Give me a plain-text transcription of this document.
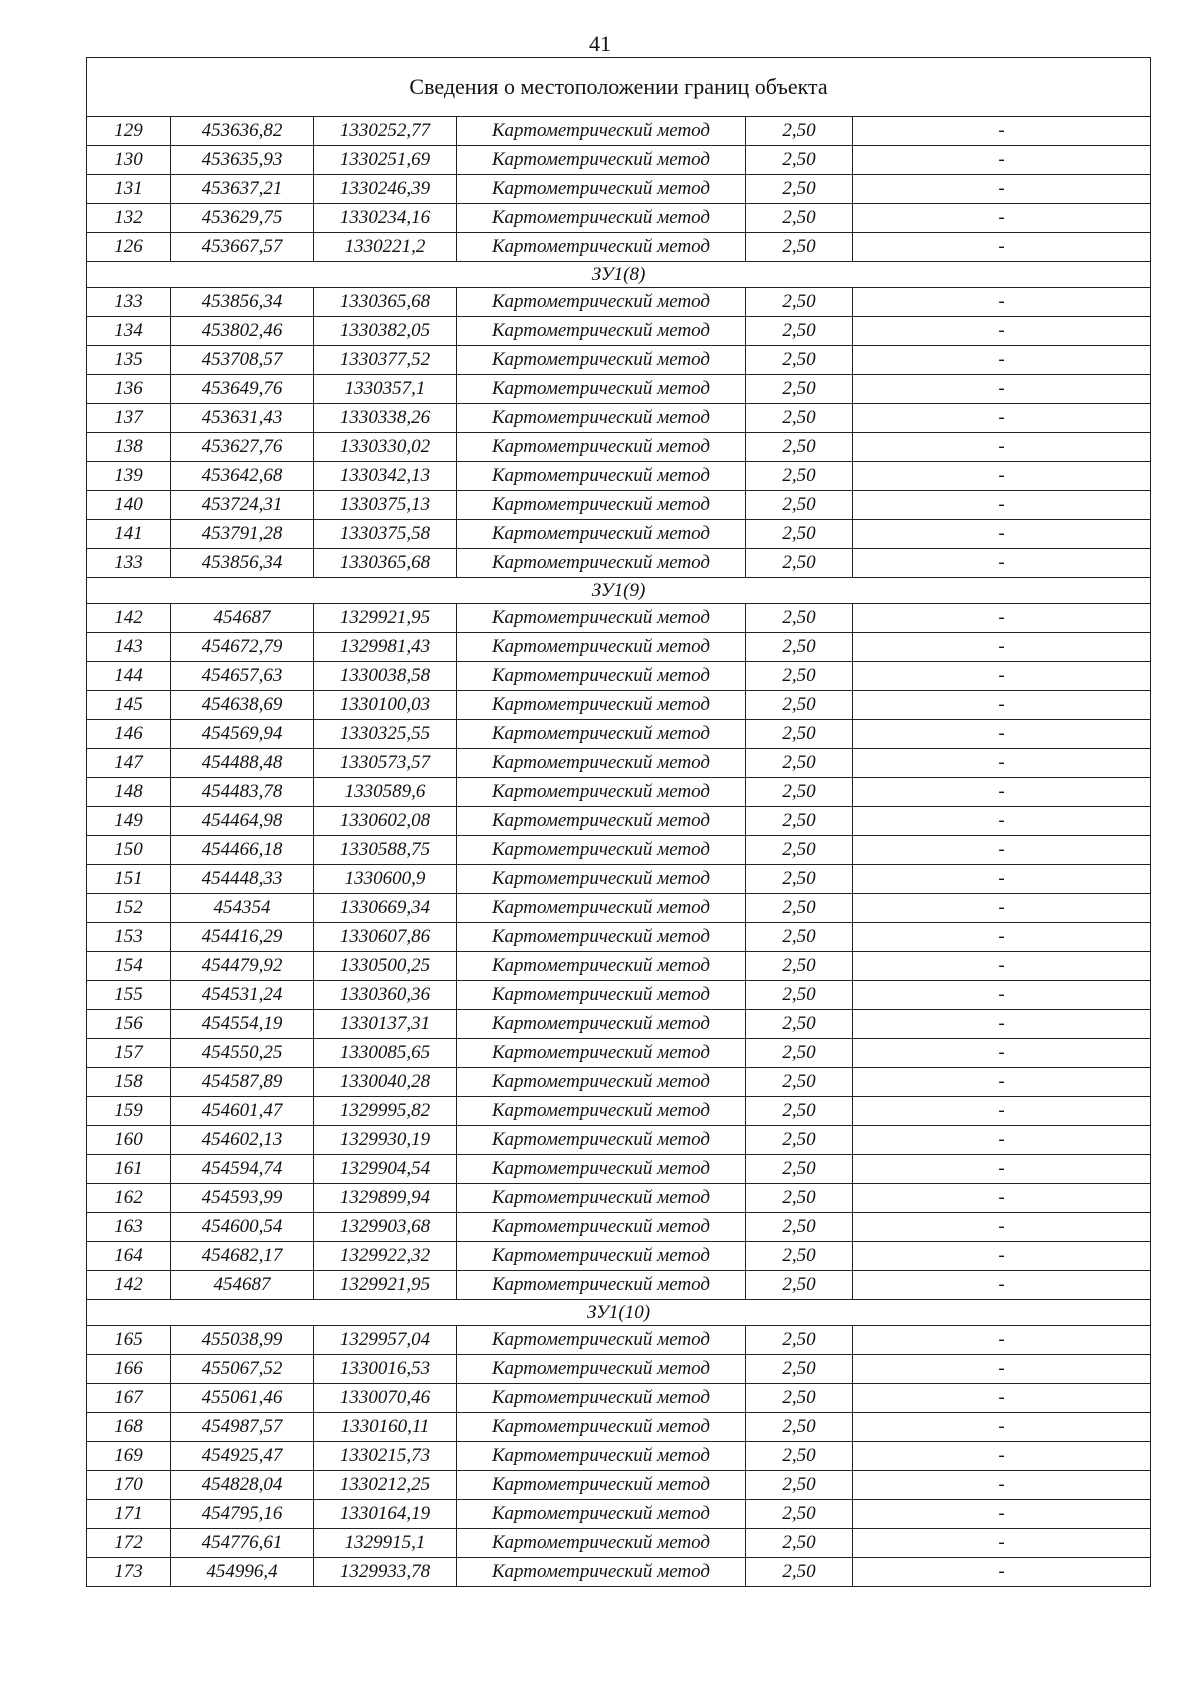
41
Сведения о местоположении границ объекта					
129	453636,82	1330252,77	Картометрический метод	2,50	-
130	453635,93	1330251,69	Картометрический метод	2,50	-
131	453637,21	1330246,39	Картометрический метод	2,50	-
132	453629,75	1330234,16	Картометрический метод	2,50	-
126	453667,57	1330221,2	Картометрический метод	2,50	-
ЗУ1(8)					
133	453856,34	1330365,68	Картометрический метод	2,50	-
134	453802,46	1330382,05	Картометрический метод	2,50	-
135	453708,57	1330377,52	Картометрический метод	2,50	-
136	453649,76	1330357,1	Картометрический метод	2,50	-
137	453631,43	1330338,26	Картометрический метод	2,50	-
138	453627,76	1330330,02	Картометрический метод	2,50	-
139	453642,68	1330342,13	Картометрический метод	2,50	-
140	453724,31	1330375,13	Картометрический метод	2,50	-
141	453791,28	1330375,58	Картометрический метод	2,50	-
133	453856,34	1330365,68	Картометрический метод	2,50	-
ЗУ1(9)					
142	454687	1329921,95	Картометрический метод	2,50	-
143	454672,79	1329981,43	Картометрический метод	2,50	-
144	454657,63	1330038,58	Картометрический метод	2,50	-
145	454638,69	1330100,03	Картометрический метод	2,50	-
146	454569,94	1330325,55	Картометрический метод	2,50	-
147	454488,48	1330573,57	Картометрический метод	2,50	-
148	454483,78	1330589,6	Картометрический метод	2,50	-
149	454464,98	1330602,08	Картометрический метод	2,50	-
150	454466,18	1330588,75	Картометрический метод	2,50	-
151	454448,33	1330600,9	Картометрический метод	2,50	-
152	454354	1330669,34	Картометрический метод	2,50	-
153	454416,29	1330607,86	Картометрический метод	2,50	-
154	454479,92	1330500,25	Картометрический метод	2,50	-
155	454531,24	1330360,36	Картометрический метод	2,50	-
156	454554,19	1330137,31	Картометрический метод	2,50	-
157	454550,25	1330085,65	Картометрический метод	2,50	-
158	454587,89	1330040,28	Картометрический метод	2,50	-
159	454601,47	1329995,82	Картометрический метод	2,50	-
160	454602,13	1329930,19	Картометрический метод	2,50	-
161	454594,74	1329904,54	Картометрический метод	2,50	-
162	454593,99	1329899,94	Картометрический метод	2,50	-
163	454600,54	1329903,68	Картометрический метод	2,50	-
164	454682,17	1329922,32	Картометрический метод	2,50	-
142	454687	1329921,95	Картометрический метод	2,50	-
ЗУ1(10)					
165	455038,99	1329957,04	Картометрический метод	2,50	-
166	455067,52	1330016,53	Картометрический метод	2,50	-
167	455061,46	1330070,46	Картометрический метод	2,50	-
168	454987,57	1330160,11	Картометрический метод	2,50	-
169	454925,47	1330215,73	Картометрический метод	2,50	-
170	454828,04	1330212,25	Картометрический метод	2,50	-
171	454795,16	1330164,19	Картометрический метод	2,50	-
172	454776,61	1329915,1	Картометрический метод	2,50	-
173	454996,4	1329933,78	Картометрический метод	2,50	-
